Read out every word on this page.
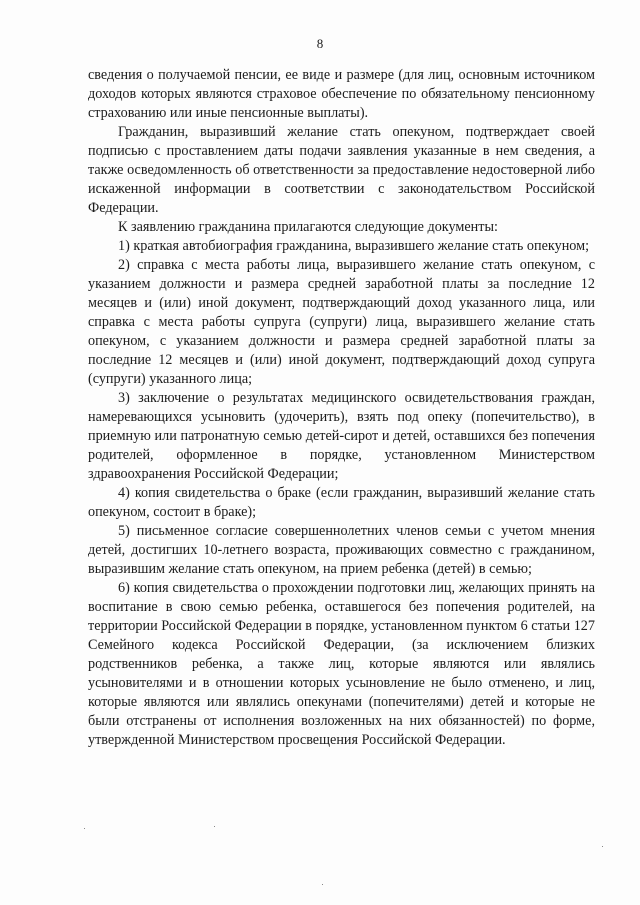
8

сведения о получаемой пенсии, ее виде и размере (для лиц, основным источником доходов которых являются страховое обеспечение по обязательному пенсионному страхованию или иные пенсионные выплаты).

Гражданин, выразивший желание стать опекуном, подтверждает своей подписью с проставлением даты подачи заявления указанные в нем сведения, а также осведомленность об ответственности за предоставление недостоверной либо искаженной информации в соответствии с законодательством Российской Федерации.

К заявлению гражданина прилагаются следующие документы:

1) краткая автобиография гражданина, выразившего желание стать опекуном;

2) справка с места работы лица, выразившего желание стать опекуном, с указанием должности и размера средней заработной платы за последние 12 месяцев и (или) иной документ, подтверждающий доход указанного лица, или справка с места работы супруга (супруги) лица, выразившего желание стать опекуном, с указанием должности и размера средней заработной платы за последние 12 месяцев и (или) иной документ, подтверждающий доход супруга (супруги) указанного лица;

3) заключение о результатах медицинского освидетельствования граждан, намеревающихся усыновить (удочерить), взять под опеку (попечительство), в приемную или патронатную семью детей-сирот и детей, оставшихся без попечения родителей, оформленное в порядке, установленном Министерством здравоохранения Российской Федерации;

4) копия свидетельства о браке (если гражданин, выразивший желание стать опекуном, состоит в браке);

5) письменное согласие совершеннолетних членов семьи с учетом мнения детей, достигших 10-летнего возраста, проживающих совместно с гражданином, выразившим желание стать опекуном, на прием ребенка (детей) в семью;

6) копия свидетельства о прохождении подготовки лиц, желающих принять на воспитание в свою семью ребенка, оставшегося без попечения родителей, на территории Российской Федерации в порядке, установленном пунктом 6 статьи 127 Семейного кодекса Российской Федерации, (за исключением близких родственников ребенка, а также лиц, которые являются или являлись усыновителями и в отношении которых усыновление не было отменено, и лиц, которые являются или являлись опекунами (попечителями) детей и которые не были отстранены от исполнения возложенных на них обязанностей) по форме, утвержденной Министерством просвещения Российской Федерации.
